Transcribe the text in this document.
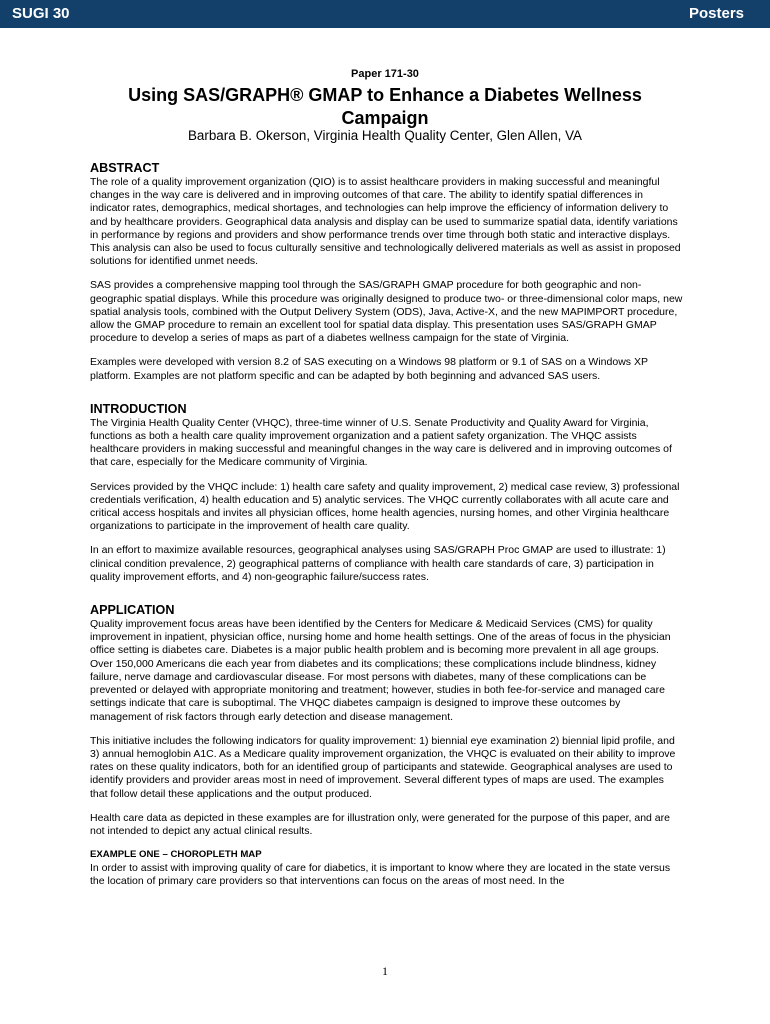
SUGI 30	Posters
Paper 171-30
Using SAS/GRAPH® GMAP to Enhance a Diabetes Wellness Campaign
Barbara B. Okerson, Virginia Health Quality Center, Glen Allen, VA
ABSTRACT

The role of a quality improvement organization (QIO) is to assist healthcare providers in making successful and meaningful changes in the way care is delivered and in improving outcomes of that care. The ability to identify spatial differences in indicator rates, demographics, medical shortages, and technologies can help improve the efficiency of information delivery to and by healthcare providers. Geographical data analysis and display can be used to summarize spatial data, identify variations in performance by regions and providers and show performance trends over time through both static and interactive displays. This analysis can also be used to focus culturally sensitive and technologically delivered materials as well as assist in proposed solutions for identified unmet needs.

SAS provides a comprehensive mapping tool through the SAS/GRAPH GMAP procedure for both geographic and non-geographic spatial displays. While this procedure was originally designed to produce two- or three-dimensional color maps, new spatial analysis tools, combined with the Output Delivery System (ODS), Java, Active-X, and the new MAPIMPORT procedure, allow the GMAP procedure to remain an excellent tool for spatial data display. This presentation uses SAS/GRAPH GMAP procedure to develop a series of maps as part of a diabetes wellness campaign for the state of Virginia.

Examples were developed with version 8.2 of SAS executing on a Windows 98 platform or 9.1 of SAS on a Windows XP platform. Examples are not platform specific and can be adapted by both beginning and advanced SAS users.

INTRODUCTION

The Virginia Health Quality Center (VHQC), three-time winner of U.S. Senate Productivity and Quality Award for Virginia, functions as both a health care quality improvement organization and a patient safety organization. The VHQC assists healthcare providers in making successful and meaningful changes in the way care is delivered and in improving outcomes of that care, especially for the Medicare community of Virginia.

Services provided by the VHQC include: 1) health care safety and quality improvement, 2) medical case review, 3) professional credentials verification, 4) health education and 5) analytic services. The VHQC currently collaborates with all acute care and critical access hospitals and invites all physician offices, home health agencies, nursing homes, and other Virginia healthcare organizations to participate in the improvement of health care quality.

In an effort to maximize available resources, geographical analyses using SAS/GRAPH Proc GMAP are used to illustrate: 1) clinical condition prevalence, 2) geographical patterns of compliance with health care standards of care, 3) participation in quality improvement efforts, and 4) non-geographic failure/success rates.

APPLICATION

Quality improvement focus areas have been identified by the Centers for Medicare & Medicaid Services (CMS) for quality improvement in inpatient, physician office, nursing home and home health settings. One of the areas of focus in the physician office setting is diabetes care. Diabetes is a major public health problem and is becoming more prevalent in all age groups. Over 150,000 Americans die each year from diabetes and its complications; these complications include blindness, kidney failure, nerve damage and cardiovascular disease. For most persons with diabetes, many of these complications can be prevented or delayed with appropriate monitoring and treatment; however, studies in both fee-for-service and managed care settings indicate that care is suboptimal. The VHQC diabetes campaign is designed to improve these outcomes by management of risk factors through early detection and disease management.

This initiative includes the following indicators for quality improvement: 1) biennial eye examination 2) biennial lipid profile, and 3) annual hemoglobin A1C. As a Medicare quality improvement organization, the VHQC is evaluated on their ability to improve rates on these quality indicators, both for an identified group of participants and statewide. Geographical analyses are used to identify providers and provider areas most in need of improvement. Several different types of maps are used. The examples that follow detail these applications and the output produced.

Health care data as depicted in these examples are for illustration only, were generated for the purpose of this paper, and are not intended to depict any actual clinical results.

EXAMPLE ONE – CHOROPLETH MAP

In order to assist with improving quality of care for diabetics, it is important to know where they are located in the state versus the location of primary care providers so that interventions can focus on the areas of most need. In the

1
